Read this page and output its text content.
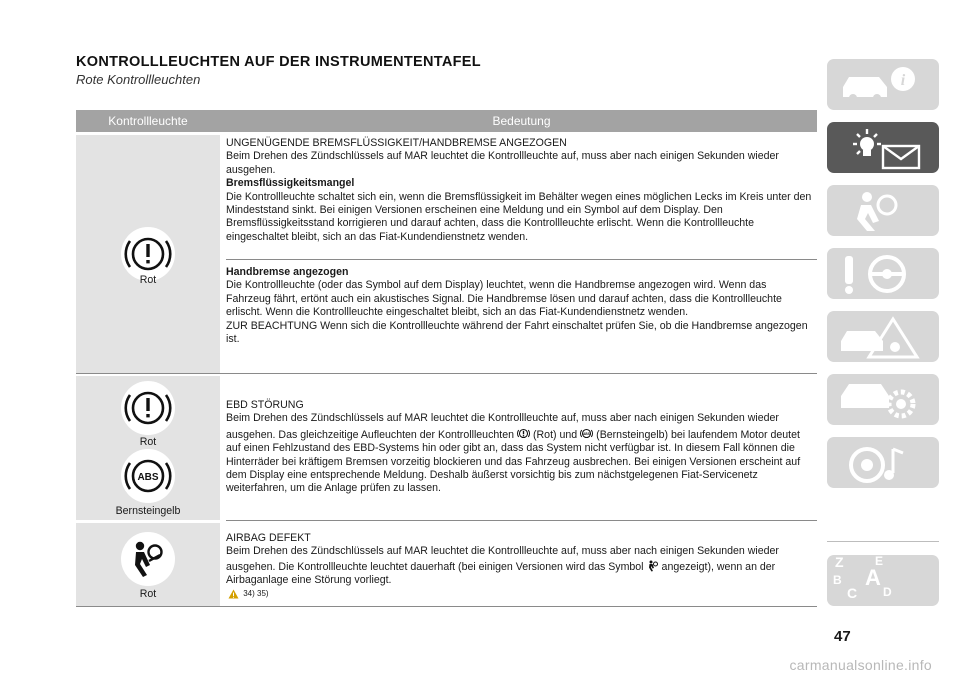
KONTROLLLEUCHTEN AUF DER INSTRUMENTENTAFEL
Rote Kontrollleuchten
Kontrollleuchte	Bedeutung
Rot

UNGENÜGENDE BREMSFLÜSSIGKEIT/HANDBREMSE ANGEZOGEN

Beim Drehen des Zündschlüssels auf MAR leuchtet die Kontrollleuchte auf, muss aber nach einigen Sekunden wieder ausgehen.

Bremsflüssigkeitsmangel

Die Kontrollleuchte schaltet sich ein, wenn die Bremsflüssigkeit im Behälter wegen eines möglichen Lecks im Kreis unter den Mindeststand sinkt. Bei einigen Versionen erscheinen eine Meldung und ein Symbol auf dem Display. Den Bremsflüssigkeitsstand korrigieren und darauf achten, dass die Kontrollleuchte erlischt. Wenn die Kontrollleuchte eingeschaltet bleibt, sich an das Fiat-Kundendienstnetz wenden.

Handbremse angezogen

Die Kontrollleuchte (oder das Symbol auf dem Display) leuchtet, wenn die Handbremse angezogen wird. Wenn das Fahrzeug fährt, ertönt auch ein akustisches Signal. Die Handbremse lösen und darauf achten, dass die Kontrollleuchte erlischt. Wenn die Kontrollleuchte eingeschaltet bleibt, sich an das Fiat-Kundendienstnetz wenden.

ZUR BEACHTUNG Wenn sich die Kontrollleuchte während der Fahrt einschaltet prüfen Sie, ob die Handbremse angezogen ist.

Rot
ABS
Bernsteingelb

EBD STÖRUNG

Beim Drehen des Zündschlüssels auf MAR leuchtet die Kontrollleuchte auf, muss aber nach einigen Sekunden wieder ausgehen. Das gleichzeitige Aufleuchten der Kontrollleuchten (Rot) und ABS (Bernsteingelb) bei laufendem Motor deutet auf einen Fehlzustand des EBD-Systems hin oder gibt an, dass das System nicht verfügbar ist. In diesem Fall können die Hinterräder bei kräftigem Bremsen vorzeitig blockieren und das Fahrzeug ausbrechen. Bei einigen Versionen erscheint auf dem Display eine entsprechende Meldung. Deshalb äußerst vorsichtig bis zum nächstgelegenen Fiat-Servicenetz weiterfahren, um die Anlage prüfen zu lassen.

Rot

AIRBAG DEFEKT

Beim Drehen des Zündschlüssels auf MAR leuchtet die Kontrollleuchte auf, muss aber nach einigen Sekunden wieder ausgehen. Die Kontrollleuchte leuchtet dauerhaft (bei einigen Versionen wird das Symbol angezeigt), wenn an der Airbaganlage eine Störung vorliegt.

34) 35)

i
Z	E
B A
C D
47
carmanualsonline.info
